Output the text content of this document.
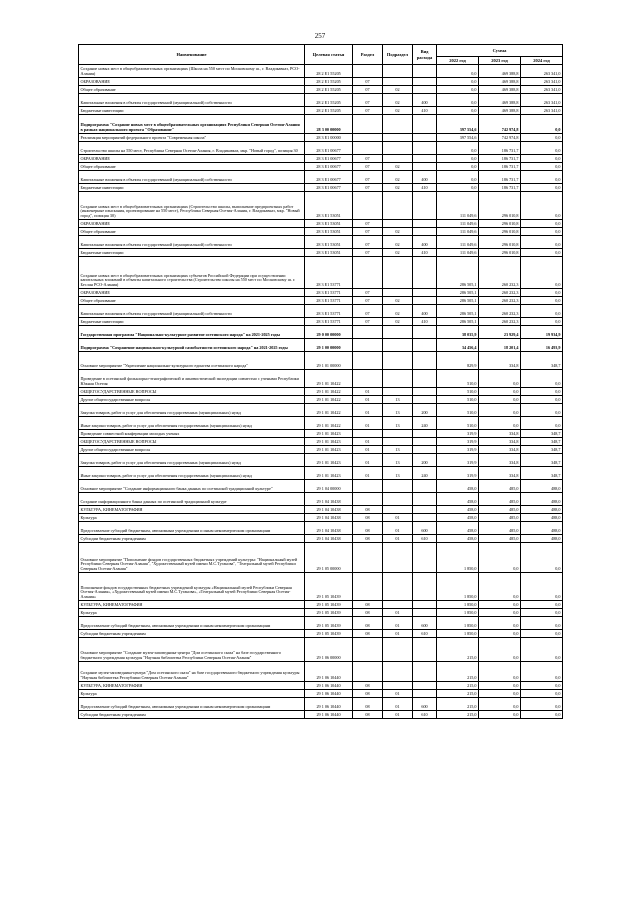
257
Наименование	Целевая статья	Раздел	Подраздел	Вид расхода	Сумма		
					2022 год	2023 год	2024 год
Создание новых мест в общеобразовательных организациях (Школа на 550 мест по Московскому ш., г. Владикавказ, РСО-Алания)	28 2 E1 55205				0,0	469 388,8	263 341,0
ОБРАЗОВАНИЕ	28 2 E1 55205	07			0,0	469 388,8	263 341,0
Общее образование	28 2 E1 55205	07	02		0,0	469 388,8	263 341,0
Капитальные вложения в объекты государственной (муниципальной) собственности	28 2 E1 55205	07	02	400	0,0	469 388,8	263 341,0
Бюджетные инвестиции	28 2 E1 55205	07	02	410	0,0	469 388,8	263 341,0
Подпрограмма "Создание новых мест в общеобразовательных организациях Республики Северная Осетия-Алания в рамках национального проекта "Образование"	28 3 00 00000				397 554,6	742 974,8	0,0
Реализация мероприятий федерального проекта "Современная школа"	28 3 E1 00000				397 554,6	742 974,8	0,0
Строительство школы на 550 мест, Республика Северная Осетия-Алания, г. Владикавказ, мкр. "Новый город", позиция 30	28 3 E1 00677				0,0	186 731,7	0,0
ОБРАЗОВАНИЕ	28 3 E1 00677	07			0,0	186 731,7	0,0
Общее образование	28 3 E1 00677	07	02		0,0	186 731,7	0,0
Капитальные вложения в объекты государственной (муниципальной) собственности	28 3 E1 00677	07	02	400	0,0	186 731,7	0,0
Бюджетные инвестиции	28 3 E1 00677	07	02	410	0,0	186 731,7	0,0
Создание новых мест в общеобразовательных организациях (Строительство школы, выполнение предпроектных работ (инженерные изыскания, проектирование на 550 мест), Республика Северная Осетия-Алания, г. Владикавказ, мкр. "Новый город", позиция 30)	28 3 E1 53051				111 049,6	296 010,8	0,0
ОБРАЗОВАНИЕ	28 3 E1 53051	07			111 049,6	296 010,8	0,0
Общее образование	28 3 E1 53051	07	02		111 049,6	296 010,8	0,0
Капитальные вложения в объекты государственной (муниципальной) собственности	28 3 E1 53051	07	02	400	111 049,6	296 010,8	0,0
Бюджетные инвестиции	28 3 E1 53051	07	02	410	111 049,6	296 010,8	0,0
Создание новых мест в общеобразовательных организациях субъектов Российской Федерации при осуществлении капитальных вложений в объекты капитального строительства (Строительство школы на 550 мест по Московскому ш. г. Беслан РСО-Алания)	28 3 E1 53771				286 505,1	260 232,3	0,0
ОБРАЗОВАНИЕ	28 3 E1 53771	07			286 505,1	260 232,3	0,0
Общее образование	28 3 E1 53771	07	02		286 505,1	260 232,3	0,0
Капитальные вложения в объекты государственной (муниципальной) собственности	28 3 E1 53771	07	02	400	286 505,1	260 232,3	0,0
Бюджетные инвестиции	28 3 E1 53771	07	02	410	286 505,1	260 232,3	0,0
Государственная программа "Национально-культурное развитие осетинского народа" на 2021-2025 годы	29 0 00 00000				38 035,9	23 929,4	19 934,9
Подпрограмма "Сохранение национально-культурной самобытности осетинского народа" на 2021-2025 годы	29 1 00 00000				34 456,4	18 201,4	16 493,9
Основное мероприятие "Укрепление национально-культурного единства осетинского народа"	29 1 01 00000				829,9	334,8	348,7
Проведение в осетинской фольклорно-этнографической и лингвистической экспедиции совместно с учеными Республики Южная Осетия	29 1 01 10422				510,0	0,0	0,0
ОБЩЕГОСУДАРСТВЕННЫЕ ВОПРОСЫ	29 1 01 10422	01			510,0	0,0	0,0
Другие общегосударственные вопросы	29 1 01 10422	01	13		510,0	0,0	0,0
Закупка товаров, работ и услуг для обеспечения государственных (муниципальных) нужд	29 1 01 10422	01	13	200	510,0	0,0	0,0
Иные закупки товаров, работ и услуг для обеспечения государственных (муниципальных) нужд	29 1 01 10422	01	13	240	510,0	0,0	0,0
Проведение совместной конференции молодых ученых	29 1 01 10423				319,9	334,8	348,7
ОБЩЕГОСУДАРСТВЕННЫЕ ВОПРОСЫ	29 1 01 10423	01			319,9	334,8	348,7
Другие общегосударственные вопросы	29 1 01 10423	01	13		319,9	334,8	348,7
Закупка товаров, работ и услуг для обеспечения государственных (муниципальных) нужд	29 1 01 10423	01	13	200	319,9	334,8	348,7
Иные закупки товаров, работ и услуг для обеспечения государственных (муниципальных) нужд	29 1 01 10423	01	13	240	319,9	334,8	348,7
Основное мероприятие "Создание информационного банка данных по осетинской традиционной культуре"	29 1 04 00000				458,0	485,0	488,0
Создание информационного банка данных по осетинской традиционной культуре	29 1 04 10438				458,0	485,0	488,0
КУЛЬТУРА, КИНЕМАТОГРАФИЯ	29 1 04 10438	08			458,0	485,0	488,0
Культура	29 1 04 10438	08	01		458,0	485,0	488,0
Предоставление субсидий бюджетным, автономным учреждениям и иным некоммерческим организациям	29 1 04 10438	08	01	600	458,0	485,0	488,0
Субсидии бюджетным учреждениям	29 1 04 10438	08	01	610	458,0	485,0	488,0
Основное мероприятие "Пополнение фондов государственных бюджетных учреждений культуры: "Национальный музей Республики Северная Осетия-Алания", "Художественный музей имени М.С.Туганова", "Театральный музей Республики Северная Осетия-Алания"	29 1 05 00000				1 850,0	0,0	0,0
Пополнение фондов государственных бюджетных учреждений культуры «Национальный музей Республики Северная Осетия-Алания», «Художественный музей имени М.С.Туганова», «Театральный музей Республики Северная Осетия-Алания»	29 1 05 10439				1 850,0	0,0	0,0
КУЛЬТУРА, КИНЕМАТОГРАФИЯ	29 1 05 10439	08			1 850,0	0,0	0,0
Культура	29 1 05 10439	08	01		1 850,0	0,0	0,0
Предоставление субсидий бюджетным, автономным учреждениям и иным некоммерческим организациям	29 1 05 10439	08	01	600	1 850,0	0,0	0,0
Субсидии бюджетным учреждениям	29 1 05 10439	08	01	610	1 850,0	0,0	0,0
Основное мероприятие "Создание музея-заповедника-центра "Дом осетинского сказа" на базе государственного бюджетного учреждения культуры "Научная библиотека Республики Северная Осетия-Алания"	29 1 06 00000				215,0	0,0	0,0
Создание музея-заповедника-центра "Дом осетинского сказа" на базе государственного бюджетного учреждения культуры "Научная библиотека Республики Северная Осетия-Алания"	29 1 06 10440				215,0	0,0	0,0
КУЛЬТУРА, КИНЕМАТОГРАФИЯ	29 1 06 10440	08			215,0	0,0	0,0
Культура	29 1 06 10440	08	01		215,0	0,0	0,0
Предоставление субсидий бюджетным, автономным учреждениям и иным некоммерческим организациям	29 1 06 10440	08	01	600	215,0	0,0	0,0
Субсидии бюджетным учреждениям	29 1 06 10440	08	01	610	215,0	0,0	0,0
